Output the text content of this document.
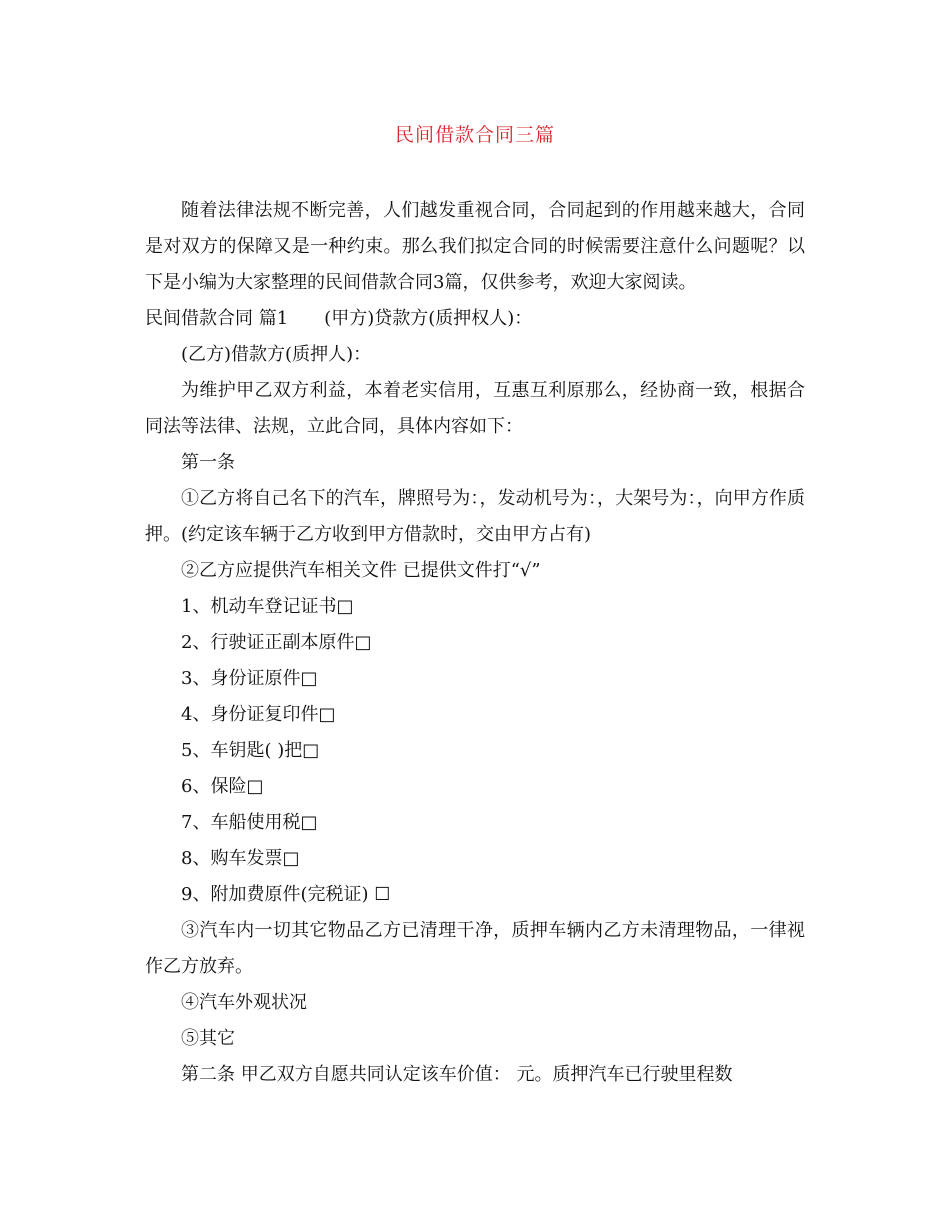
民间借款合同三篇

随着法律法规不断完善，人们越发重视合同，合同起到的作用越来越大，合同是对双方的保障又是一种约束。那么我们拟定合同的时候需要注意什么问题呢？以下是小编为大家整理的民间借款合同3篇，仅供参考，欢迎大家阅读。

民间借款合同 篇1　　(甲方)贷款方(质押权人)：

(乙方)借款方(质押人)：

为维护甲乙双方利益，本着老实信用，互惠互利原那么，经协商一致，根据合同法等法律、法规，立此合同，具体内容如下：

第一条

①乙方将自己名下的汽车，牌照号为：，发动机号为：，大架号为：，向甲方作质押。(约定该车辆于乙方收到甲方借款时，交由甲方占有)

②乙方应提供汽车相关文件 已提供文件打“√”

1、机动车登记证书□

2、行驶证正副本原件□

3、身份证原件□

4、身份证复印件□

5、车钥匙( )把□

6、保险□

7、车船使用税□

8、购车发票□

9、附加费原件(完税证) ☐

③汽车内一切其它物品乙方已清理干净，质押车辆内乙方未清理物品，一律视作乙方放弃。

④汽车外观状况

⑤其它

第二条 甲乙双方自愿共同认定该车价值： 元。质押汽车已行驶里程数
